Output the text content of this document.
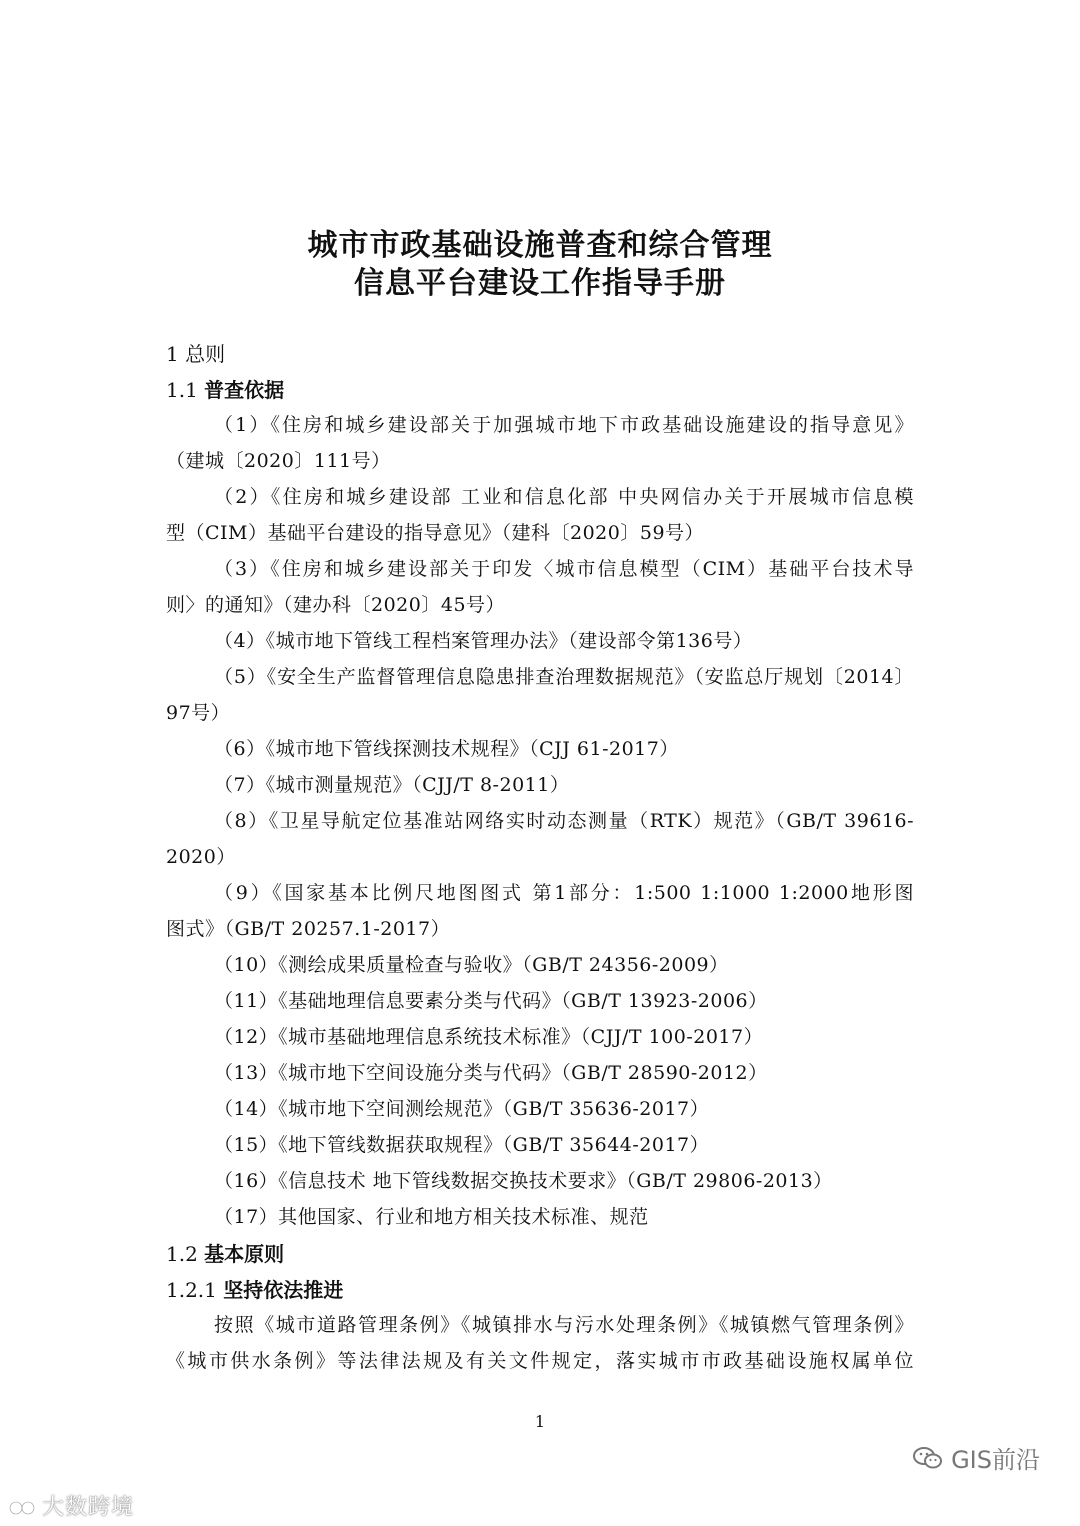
城市市政基础设施普查和综合管理
信息平台建设工作指导手册
1 总则
1.1 普查依据
（1）《住房和城乡建设部关于加强城市地下市政基础设施建设的指导意见》
（建城〔2020〕111号）
（2）《住房和城乡建设部 工业和信息化部 中央网信办关于开展城市信息模
型（CIM）基础平台建设的指导意见》（建科〔2020〕59号）
（3）《住房和城乡建设部关于印发〈城市信息模型（CIM）基础平台技术导
则〉的通知》（建办科〔2020〕45号）
（4）《城市地下管线工程档案管理办法》（建设部令第136号）
（5）《安全生产监督管理信息隐患排查治理数据规范》（安监总厅规划〔2014〕
97号）
（6）《城市地下管线探测技术规程》（CJJ 61-2017）
（7）《城市测量规范》（CJJ/T 8-2011）
（8）《卫星导航定位基准站网络实时动态测量（RTK）规范》（GB/T 39616-
2020）
（9）《国家基本比例尺地图图式 第1部分：1:500 1:1000 1:2000地形图
图式》（GB/T 20257.1-2017）
（10）《测绘成果质量检查与验收》（GB/T 24356-2009）
（11）《基础地理信息要素分类与代码》（GB/T 13923-2006）
（12）《城市基础地理信息系统技术标准》（CJJ/T 100-2017）
（13）《城市地下空间设施分类与代码》（GB/T 28590-2012）
（14）《城市地下空间测绘规范》（GB/T 35636-2017）
（15）《地下管线数据获取规程》（GB/T 35644-2017）
（16）《信息技术 地下管线数据交换技术要求》（GB/T 29806-2013）
（17）其他国家、行业和地方相关技术标准、规范
1.2 基本原则
1.2.1 坚持依法推进
按照《城市道路管理条例》《城镇排水与污水处理条例》《城镇燃气管理条例》
《城市供水条例》等法律法规及有关文件规定，落实城市市政基础设施权属单位
1
GIS前沿
大数跨境
